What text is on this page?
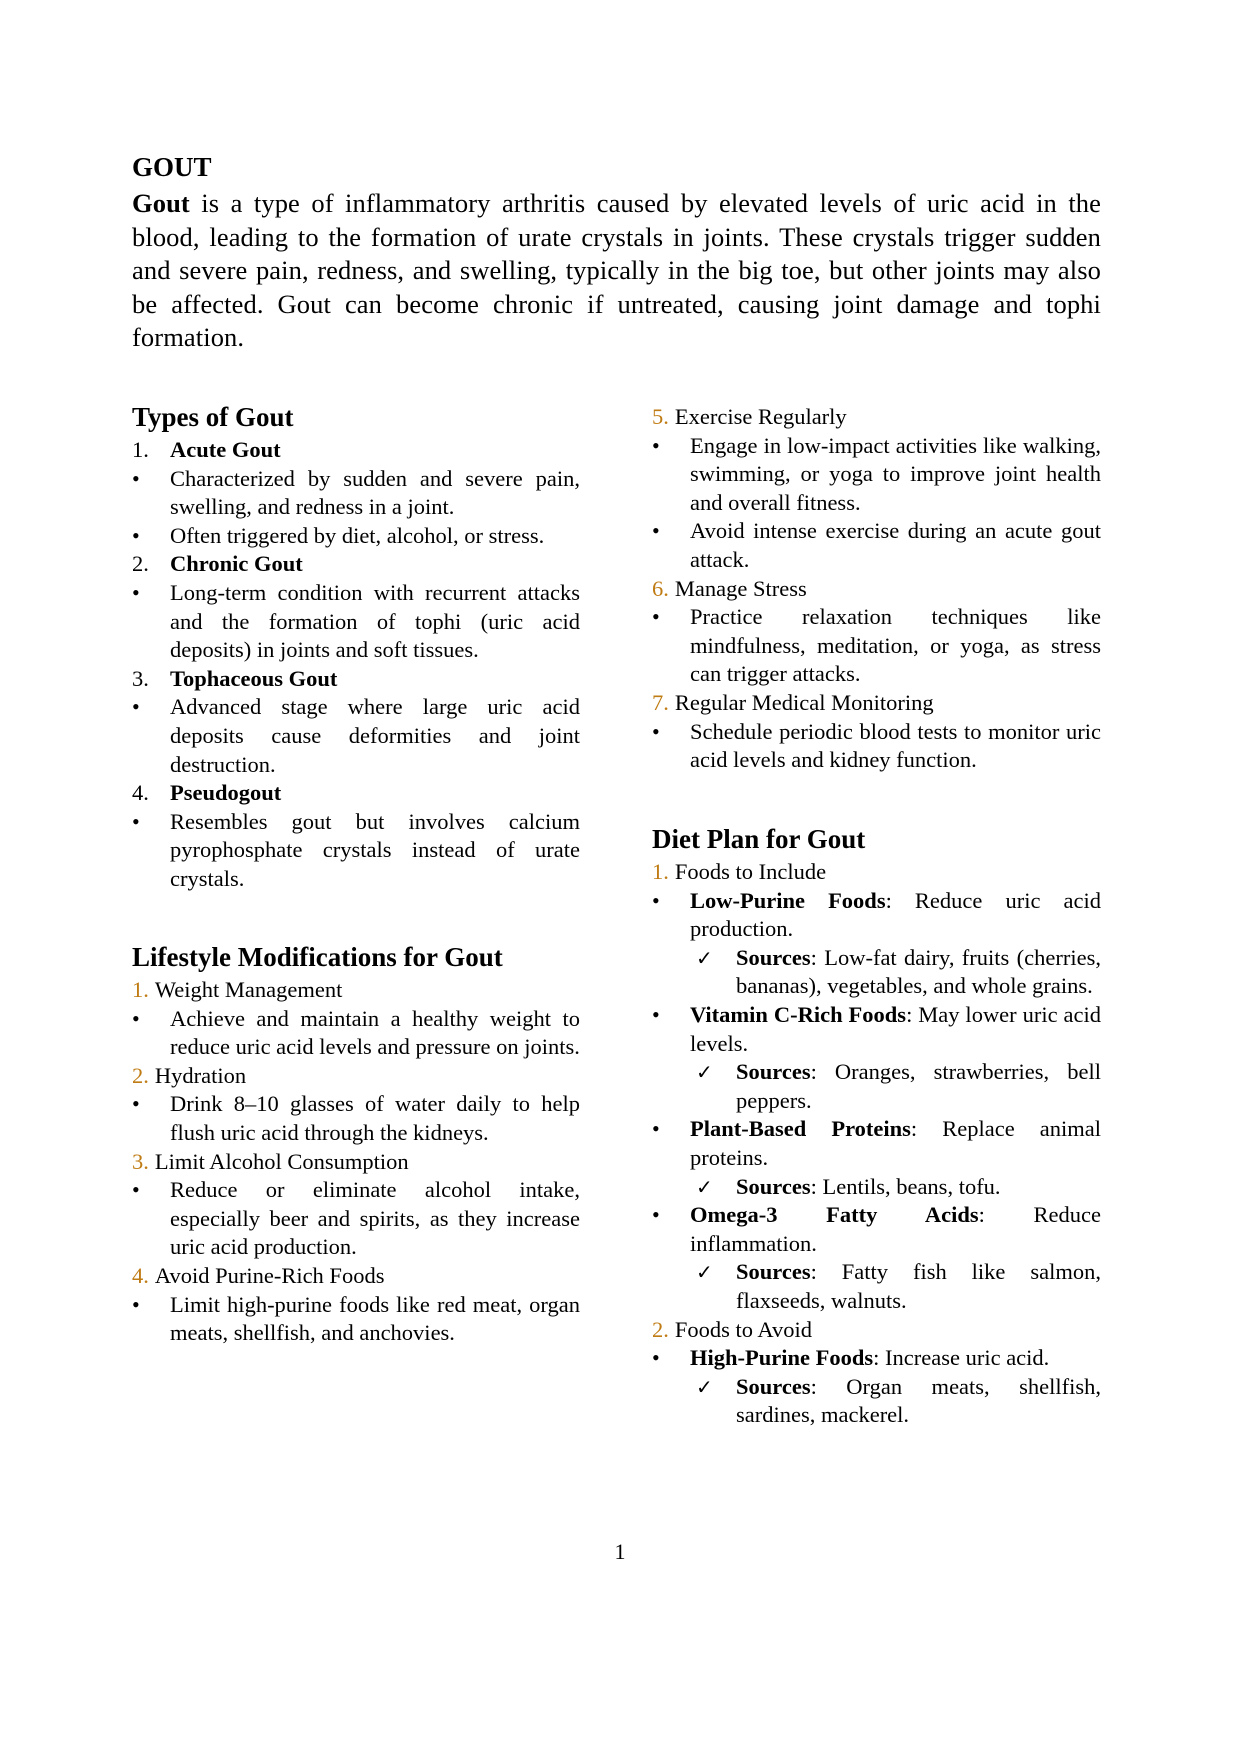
GOUT

Gout is a type of inflammatory arthritis caused by elevated levels of uric acid in the blood, leading to the formation of urate crystals in joints. These crystals trigger sudden and severe pain, redness, and swelling, typically in the big toe, but other joints may also be affected. Gout can become chronic if untreated, causing joint damage and tophi formation.

Types of Gout
1. Acute Gout
•	Characterized by sudden and severe pain, swelling, and redness in a joint.
•	Often triggered by diet, alcohol, or stress.
2. Chronic Gout
•	Long-term condition with recurrent attacks and the formation of tophi (uric acid deposits) in joints and soft tissues.
3. Tophaceous Gout
•	Advanced stage where large uric acid deposits cause deformities and joint destruction.
4. Pseudogout
•	Resembles gout but involves calcium pyrophosphate crystals instead of urate crystals.
Lifestyle Modifications for Gout
1. Weight Management
•	Achieve and maintain a healthy weight to reduce uric acid levels and pressure on joints.
2. Hydration
•	Drink 8–10 glasses of water daily to help flush uric acid through the kidneys.
3. Limit Alcohol Consumption
•	Reduce or eliminate alcohol intake, especially beer and spirits, as they increase uric acid production.
4. Avoid Purine-Rich Foods
•	Limit high-purine foods like red meat, organ meats, shellfish, and anchovies.
5. Exercise Regularly
•	Engage in low-impact activities like walking, swimming, or yoga to improve joint health and overall fitness.
•	Avoid intense exercise during an acute gout attack.
6. Manage Stress
•	Practice relaxation techniques like mindfulness, meditation, or yoga, as stress can trigger attacks.
7. Regular Medical Monitoring
•	Schedule periodic blood tests to monitor uric acid levels and kidney function.
Diet Plan for Gout
1. Foods to Include
•	Low-Purine Foods: Reduce uric acid production.
✓	Sources: Low-fat dairy, fruits (cherries, bananas), vegetables, and whole grains.
•	Vitamin C-Rich Foods: May lower uric acid levels.
✓	Sources: Oranges, strawberries, bell peppers.
•	Plant-Based Proteins: Replace animal proteins.
✓	Sources: Lentils, beans, tofu.
•	Omega-3 Fatty Acids: Reduce inflammation.
✓	Sources: Fatty fish like salmon, flaxseeds, walnuts.
2. Foods to Avoid
•	High-Purine Foods: Increase uric acid.
✓	Sources: Organ meats, shellfish, sardines, mackerel.
1
